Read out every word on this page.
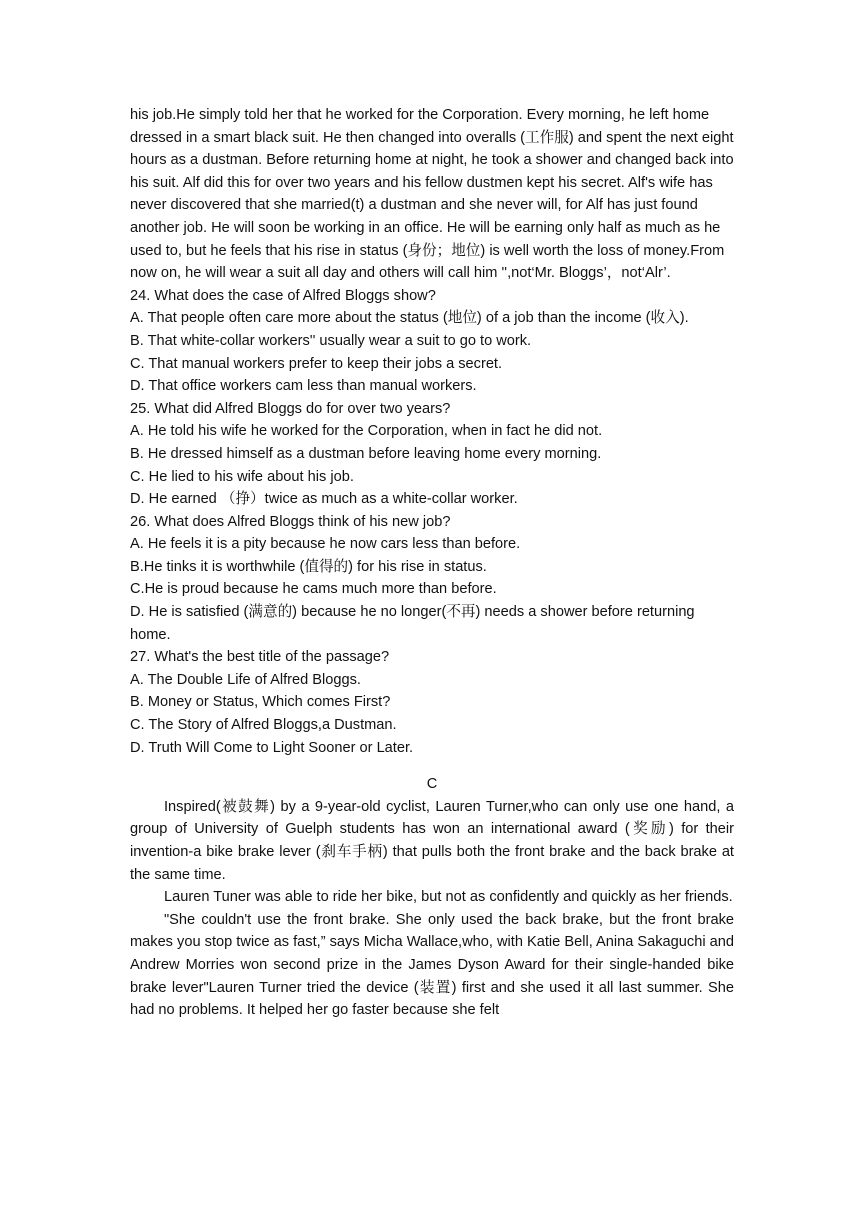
his job.He simply told her that he worked for the Corporation. Every morning, he left home dressed in a smart black suit. He then changed into overalls (工作服) and spent the next eight hours as a dustman. Before returning home at night, he took a shower and changed back into his suit. Alf did this for over two years and his fellow dustmen kept his secret. Alf's wife has never discovered that she married(t) a dustman and she never will, for Alf has just found another job. He will soon be working in an office. He will be earning only half as much as he used to, but he feels that his rise in status (身份；地位) is well worth the loss of money.From now on, he will wear a suit all day and others will call him '',not‘Mr. Bloggs’，not‘Alr’.

24. What does the case of Alfred Bloggs show?

A. That people often care more about the status (地位) of a job than the income (收入).

B. That white-collar workers'' usually wear a suit to go to work.

C. That manual workers prefer to keep their jobs a secret.

D. That office workers cam less than manual workers.

25. What did Alfred Bloggs do for over two years?

A. He told his wife he worked for the Corporation, when in fact he did not.

B. He dressed himself as a dustman before leaving home every morning.

C. He lied to his wife about his job.

D. He earned （挣）twice as much as a white-collar worker.

26. What does Alfred Bloggs think of his new job?

A. He feels it is a pity because he now cars less than before.

B.He tinks it is worthwhile (值得的) for his rise in status.

C.He is proud because he cams much more than before.

D. He is satisfied (满意的) because he no longer(不再) needs a shower before returning home.

27. What's the best title of the passage?

A. The Double Life of Alfred Bloggs.

B. Money or Status, Which comes First?

C. The Story of Alfred Bloggs,a Dustman.

D. Truth Will Come to Light Sooner or Later.

C

Inspired(被鼓舞) by a 9-year-old cyclist, Lauren Turner,who can only use one hand, a group of University of Guelph students has won an international award (奖励) for their invention-a bike brake lever (刹车手柄) that pulls both the front brake and the back brake at the same time.

Lauren Tuner was able to ride her bike, but not as confidently and quickly as her friends.

"She couldn't use the front brake. She only used the back brake, but the front brake makes you stop twice as fast,” says Micha Wallace,who, with Katie Bell, Anina Sakaguchi and Andrew Morries won second prize in the James Dyson Award for their single-handed bike brake lever"Lauren Turner tried the device (装置) first and she used it all last summer. She had no problems. It helped her go faster because she felt
